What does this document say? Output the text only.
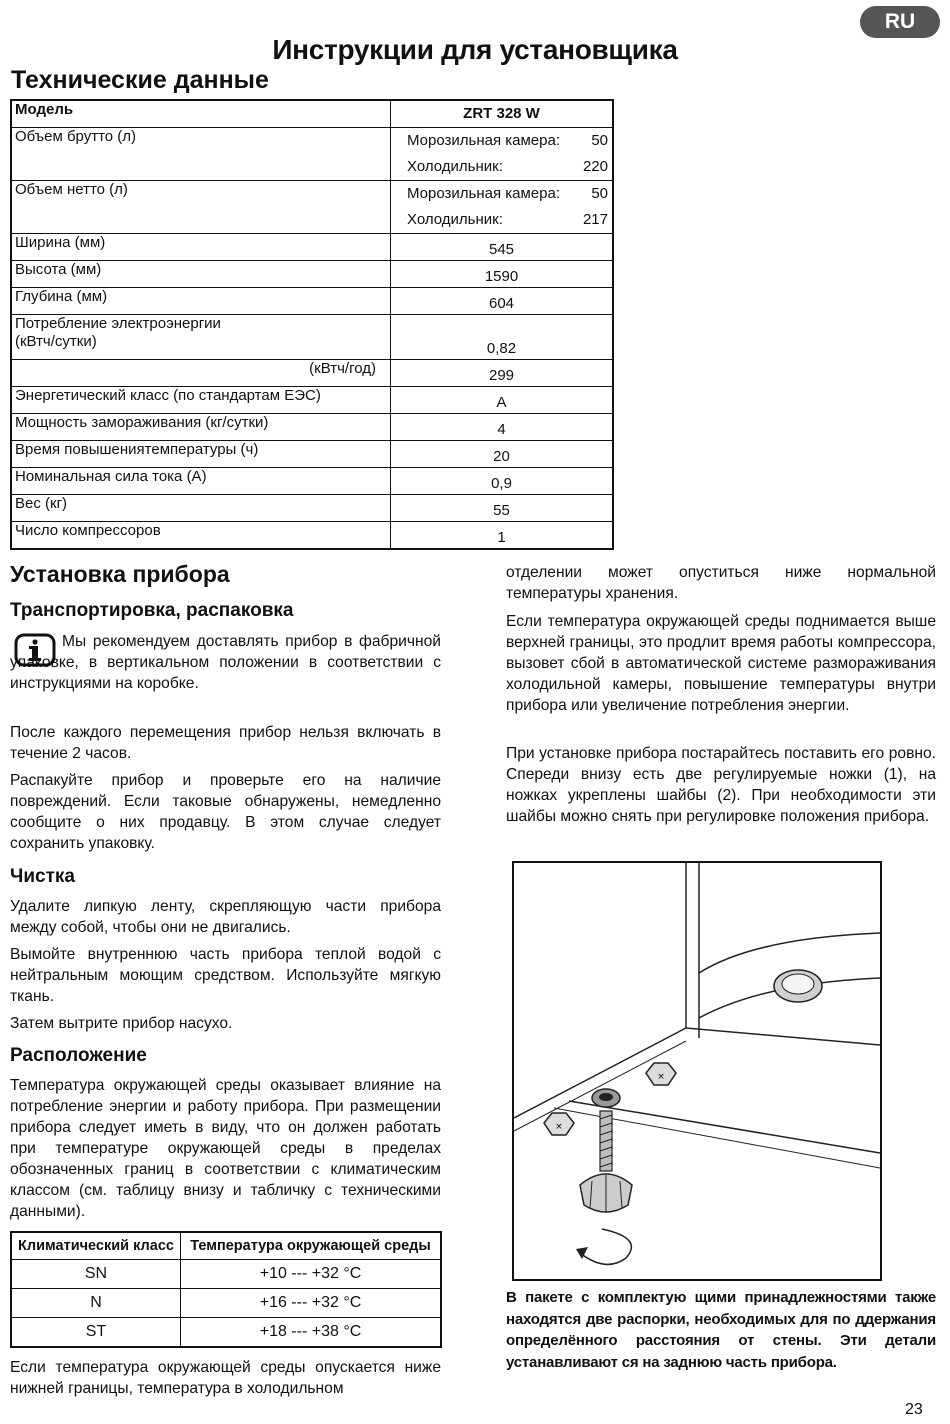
RU
Инструкции для установщика
Технические данные
Модель	ZRT 328 W
Объем брутто (л)	Морозильная камера: 50
Холодильник: 220

Объем нетто (л)	Морозильная камера: 50
Холодильник: 217

Ширина (мм)	545
Высота (мм)	1590
Глубина (мм)	604
Потребление электроэнергии (кВтч/сутки)	0,82
(кВтч/год)	299
Энергетический класс (по стандартам ЕЭС)	A
Мощность замораживания (кг/сутки)	4
Время повышениятемпературы (ч)	20
Номинальная сила тока (A)	0,9
Вес (кг)	55
Число компрессоров	1
Установка прибора
Транспортировка, распаковка

Мы рекомендуем доставлять прибор в фабричной упаковке, в вертикальном положении в соответствии с инструкциями на коробке.

После каждого перемещения прибор нельзя включать в течение 2 часов.

Распакуйте прибор и проверьте его на наличие повреждений. Если таковые обнаружены, немедленно сообщите о них продавцу. В этом случае следует сохранить упаковку.

Чистка

Удалите липкую ленту, скрепляющую части прибора между собой, чтобы они не двигались.

Вымойте внутреннюю часть прибора теплой водой с нейтральным моющим средством. Используйте мягкую ткань.

Затем вытрите прибор насухо.

Расположение

Температура окружающей среды оказывает влияние на потребление энергии и работу прибора. При размещении прибора следует иметь в виду, что он должен работать при температуре окружающей среды в пределах обозначенных границ в соответствии с климатическим классом (см. таблицу внизу и табличку с техническими данными).

Климатический класс	Температура окружающей среды
SN	+10 --- +32 °C
N	+16 --- +32 °C
ST	+18 --- +38 °C

Если температура окружающей среды опускается ниже нижней границы, температура в холодильном

отделении может опуститься ниже нормальной температуры хранения.

Если температура окружающей среды поднимается выше верхней границы, это продлит время работы компрессора, вызовет сбой в автоматической системе размораживания холодильной камеры, повышение температуры внутри прибора или увеличение потребления энергии.

При установке прибора постарайтесь поставить его ровно. Спереди внизу есть две регулируемые ножки (1), на ножках укреплены шайбы (2). При необходимости эти шайбы можно снять при регулировке положения прибора.

×
×

В пакете с комплектую щими принадлежностями также находятся две распорки, необходимых для по ддержания определённого расстояния от стены. Эти детали устанавливают ся на заднюю часть прибора.

23
